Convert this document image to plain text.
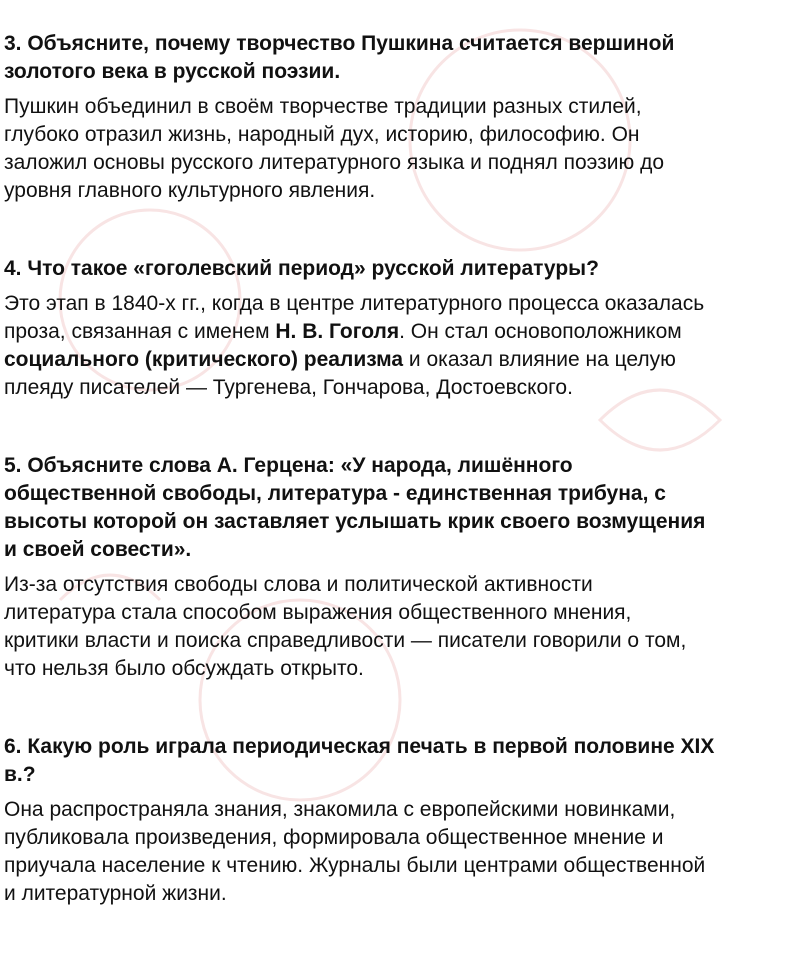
3. Объясните, почему творчество Пушкина считается вершиной
золотого века в русской поэзии.
Пушкин объединил в своём творчестве традиции разных стилей,
глубоко отразил жизнь, народный дух, историю, философию. Он
заложил основы русского литературного языка и поднял поэзию до
уровня главного культурного явления.
4. Что такое «гоголевский период» русской литературы?
Это этап в 1840-х гг., когда в центре литературного процесса оказалась
проза, связанная с именем Н. В. Гоголя. Он стал основоположником
социального (критического) реализма и оказал влияние на целую
плеяду писателей — Тургенева, Гончарова, Достоевского.
5. Объясните слова А. Герцена: «У народа, лишённого
общественной свободы, литература - единственная трибуна, с
высоты которой он заставляет услышать крик своего возмущения
и своей совести».
Из-за отсутствия свободы слова и политической активности
литература стала способом выражения общественного мнения,
критики власти и поиска справедливости — писатели говорили о том,
что нельзя было обсуждать открыто.
6. Какую роль играла периодическая печать в первой половине XIX
в.?
Она распространяла знания, знакомила с европейскими новинками,
публиковала произведения, формировала общественное мнение и
приучала население к чтению. Журналы были центрами общественной
и литературной жизни.
